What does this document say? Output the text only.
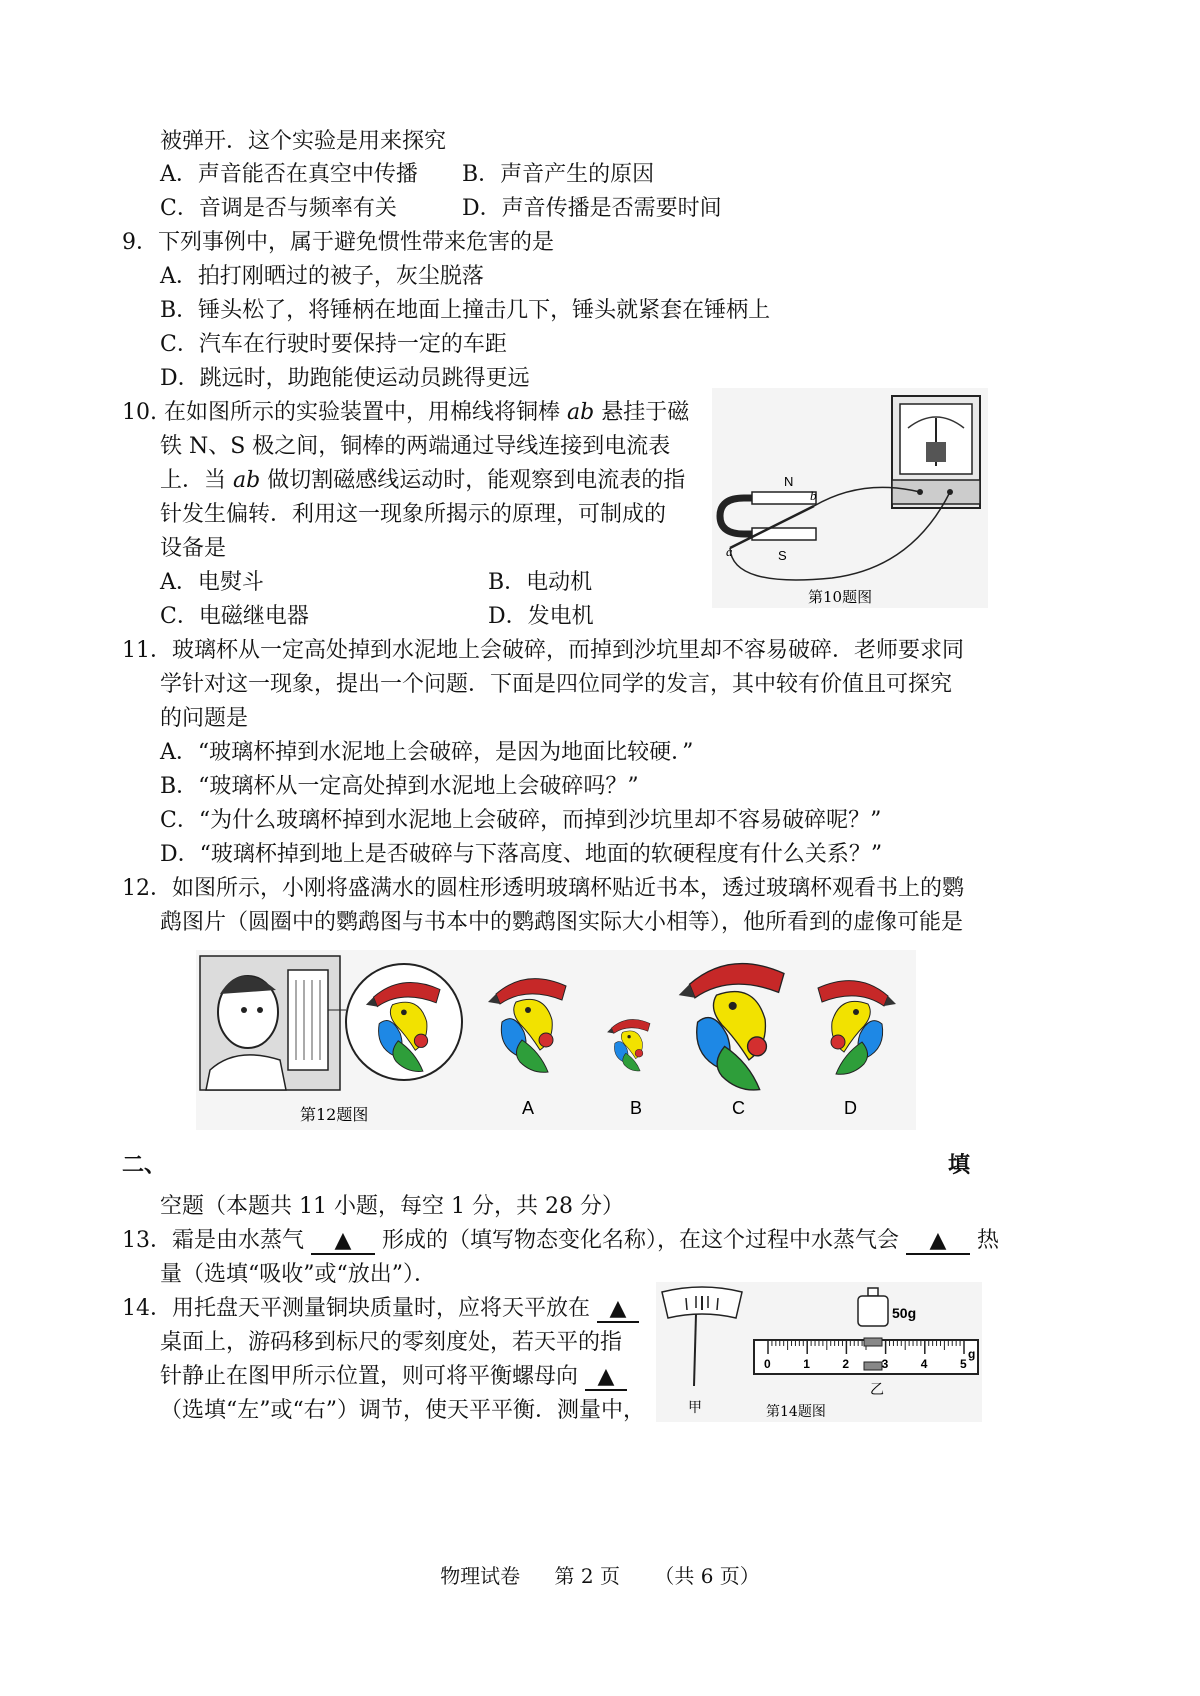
被弹开．这个实验是用来探究
A．声音能否在真空中传播 B．声音产生的原因
C．音调是否与频率有关	D．声音传播是否需要时间
9．下列事例中，属于避免惯性带来危害的是
A．拍打刚晒过的被子，灰尘脱落
B．锤头松了，将锤柄在地面上撞击几下，锤头就紧套在锤柄上
C．汽车在行驶时要保持一定的车距
D．跳远时，助跑能使运动员跳得更远
10. 在如图所示的实验装置中，用棉线将铜棒 ab 悬挂于磁
铁 N、S 极之间，铜棒的两端通过导线连接到电流表
上．当 ab 做切割磁感线运动时，能观察到电流表的指
针发生偏转．利用这一现象所揭示的原理，可制成的
设备是
A．电熨斗	B．电动机
C．电磁继电器	D．发电机
N
S
a
b
第10题图
11．玻璃杯从一定高处掉到水泥地上会破碎，而掉到沙坑里却不容易破碎．老师要求同
学针对这一现象，提出一个问题．下面是四位同学的发言，其中较有价值且可探究
的问题是
A．“玻璃杯掉到水泥地上会破碎，是因为地面比较硬．”
B．“玻璃杯从一定高处掉到水泥地上会破碎吗？”
C．“为什么玻璃杯掉到水泥地上会破碎，而掉到沙坑里却不容易破碎呢？”
D．“玻璃杯掉到地上是否破碎与下落高度、地面的软硬程度有什么关系？”
12．如图所示，小刚将盛满水的圆柱形透明玻璃杯贴近书本，透过玻璃杯观看书上的鹦
鹉图片（圆圈中的鹦鹉图与书本中的鹦鹉图实际大小相等），他所看到的虚像可能是
第12题图	A	B	C	D
二、	填
空题（本题共 11 小题，每空 1 分，共 28 分）
13．霜是由水蒸气 ▲ 形成的（填写物态变化名称），在这个过程中水蒸气会 ▲ 热
量（选填“吸收”或“放出”）．
14．用托盘天平测量铜块质量时，应将天平放在 ▲
桌面上，游码移到标尺的零刻度处，若天平的指
针静止在图甲所示位置，则可将平衡螺母向 ▲
（选填“左”或“右”）调节，使天平平衡．测量中，	甲
50g
0	1	2	3	4	5
g
乙
第14题图
物理试卷 第 2 页 （共 6 页）
